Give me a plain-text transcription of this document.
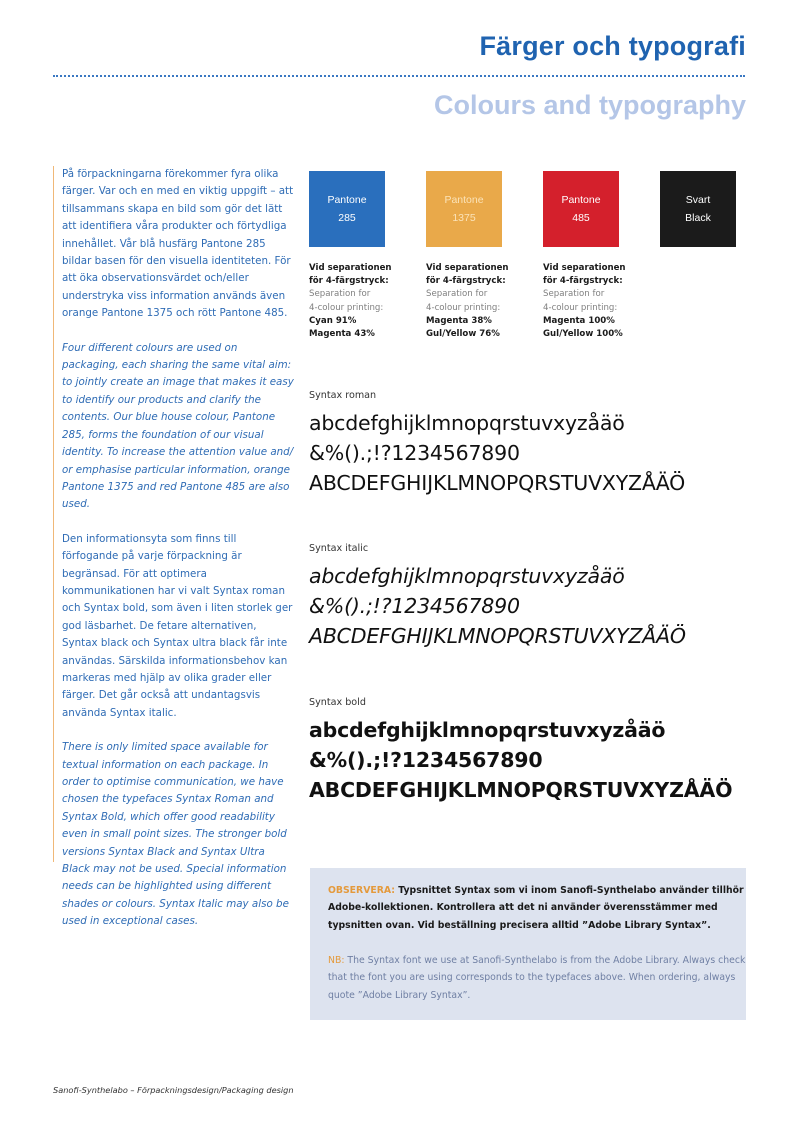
Färger och typografi
Colours and typography

På förpackningarna förekommer fyra olika färger. Var och en med en viktig uppgift – att tillsammans skapa en bild som gör det lätt att identifiera våra produkter och förtydliga innehållet. Vår blå husfärg Pantone 285 bildar basen för den visuella identiteten. För att öka observationsvärdet och/eller understryka viss information används även orange Pantone 1375 och rött Pantone 485.

Four different colours are used on packaging, each sharing the same vital aim: to jointly create an image that makes it easy to identify our products and clarify the contents. Our blue house colour, Pantone 285, forms the foundation of our visual identity. To increase the attention value and/ or emphasise particular information, orange Pantone 1375 and red Pantone 485 are also used.

Den informationsyta som finns till förfogande på varje förpackning är begränsad. För att optimera kommunikationen har vi valt Syntax roman och Syntax bold, som även i liten storlek ger god läsbarhet. De fetare alternativen, Syntax black och Syntax ultra black får inte användas. Särskilda informationsbehov kan markeras med hjälp av olika grader eller färger. Det går också att undantagsvis använda Syntax italic.

There is only limited space available for textual information on each package. In order to optimise communication, we have chosen the typefaces Syntax Roman and Syntax Bold, which offer good readability even in small point sizes. The stronger bold versions Syntax Black and Syntax Ultra Black may not be used. Special information needs can be highlighted using different shades or colours. Syntax Italic may also be used in exceptional cases.

Pantone
285
Pantone
1375
Pantone
485
Svart
Black
Vid separationen
för 4-färgstryck:
Separation for
4-colour printing:
Cyan 91%
Magenta 43%
Vid separationen
för 4-färgstryck:
Separation for
4-colour printing:
Magenta 38%
Gul/Yellow 76%
Vid separationen
för 4-färgstryck:
Separation for
4-colour printing:
Magenta 100%
Gul/Yellow 100%
Syntax roman
abcdefghijklmnopqrstuvxyzåäö
&%().;!?1234567890
ABCDEFGHIJKLMNOPQRSTUVXYZÅÄÖ
Syntax italic
abcdefghijklmnopqrstuvxyzåäö
&%().;!?1234567890
ABCDEFGHIJKLMNOPQRSTUVXYZÅÄÖ
Syntax bold
abcdefghijklmnopqrstuvxyzåäö
&%().;!?1234567890
ABCDEFGHIJKLMNOPQRSTUVXYZÅÄÖ

OBSERVERA: Typsnittet Syntax som vi inom Sanofi-Synthelabo använder tillhör Adobe-kollektionen. Kontrollera att det ni använder överensstämmer med typsnitten ovan. Vid beställning precisera alltid ”Adobe Library Syntax”.

NB: The Syntax font we use at Sanofi-Synthelabo is from the Adobe Library. Always check that the font you are using corresponds to the typefaces above. When ordering, always quote ”Adobe Library Syntax”.

Sanofi-Synthelabo – Förpackningsdesign/Packaging design
